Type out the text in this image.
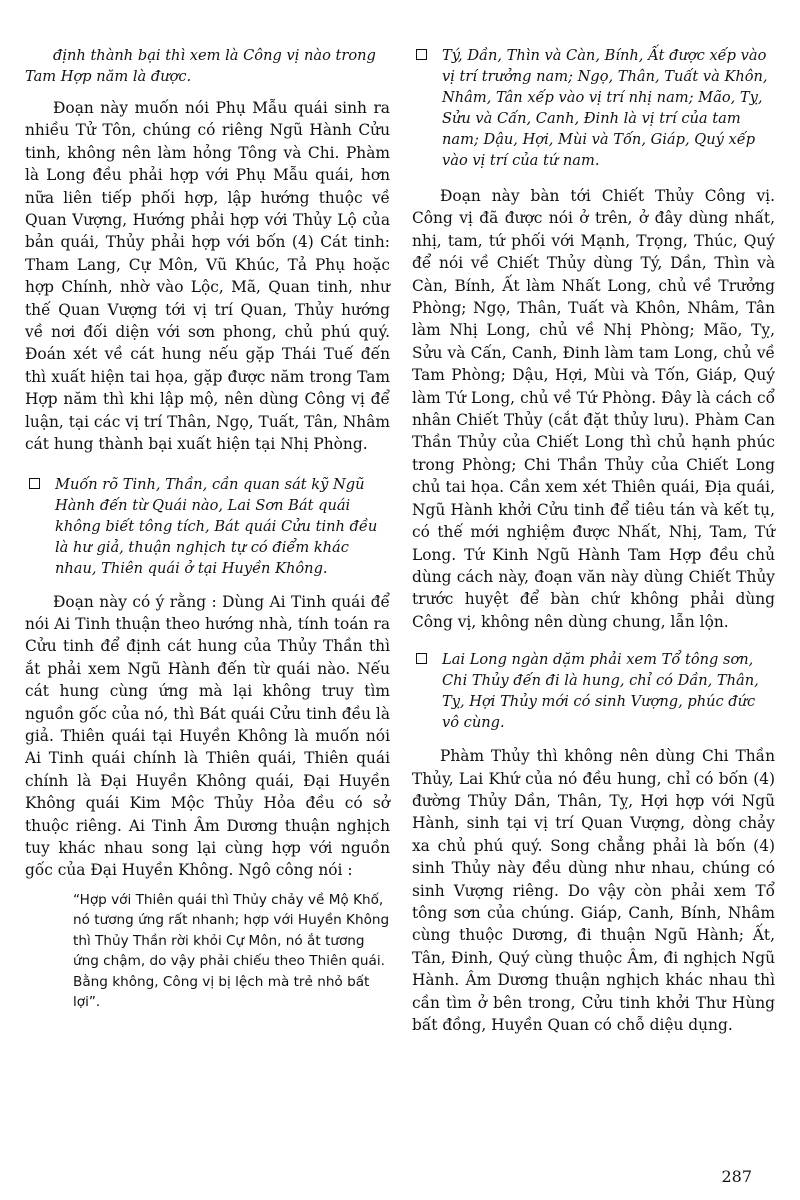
định thành bại thì xem là Công vị nào trong Tam Hợp năm là được.

Đoạn này muốn nói Phụ Mẫu quái sinh ra nhiều Tử Tôn, chúng có riêng Ngũ Hành Cửu tinh, không nên làm hỏng Tông và Chi. Phàm là Long đều phải hợp với Phụ Mẫu quái, hơn nữa liên tiếp phối hợp, lập hướng thuộc về Quan Vượng, Hướng phải hợp với Thủy Lộ của bản quái, Thủy phải hợp với bốn (4) Cát tinh: Tham Lang, Cự Môn, Vũ Khúc, Tả Phụ hoặc hợp Chính, nhờ vào Lộc, Mã, Quan tinh, như thế Quan Vượng tới vị trí Quan, Thủy hướng về nơi đối diện với sơn phong, chủ phú quý. Đoán xét về cát hung nếu gặp Thái Tuế đến thì xuất hiện tai họa, gặp được năm trong Tam Hợp năm thì khi lập mộ, nên dùng Công vị để luận, tại các vị trí Thân, Ngọ, Tuất, Tân, Nhâm cát hung thành bại xuất hiện tại Nhị Phòng.

Muốn rõ Tinh, Thần, cần quan sát kỹ Ngũ Hành đến từ Quái nào, Lai Sơn Bát quái không biết tông tích, Bát quái Cửu tinh đều là hư giả, thuận nghịch tự có điểm khác nhau, Thiên quái ở tại Huyền Không.

Đoạn này có ý rằng : Dùng Ai Tinh quái để nói Ai Tinh thuận theo hướng nhà, tính toán ra Cửu tinh để định cát hung của Thủy Thần thì ắt phải xem Ngũ Hành đến từ quái nào. Nếu cát hung cùng ứng mà lại không truy tìm nguồn gốc của nó, thì Bát quái Cửu tinh đều là giả. Thiên quái tại Huyền Không là muốn nói Ai Tinh quái chính là Thiên quái, Thiên quái chính là Đại Huyền Không quái, Đại Huyền Không quái Kim Mộc Thủy Hỏa đều có sở thuộc riêng. Ai Tinh Âm Dương thuận nghịch tuy khác nhau song lại cùng hợp với nguồn gốc của Đại Huyền Không. Ngô công nói :

“Hợp với Thiên quái thì Thủy chảy về Mộ Khố, nó tương ứng rất nhanh; hợp với Huyền Không thì Thủy Thần rời khỏi Cự Môn, nó ắt tương ứng chậm, do vậy phải chiếu theo Thiên quái. Bằng không, Công vị bị lệch mà trẻ nhỏ bất lợi”.

Tý, Dần, Thìn và Càn, Bính, Ất được xếp vào vị trí trưởng nam; Ngọ, Thân, Tuất và Khôn, Nhâm, Tân xếp vào vị trí nhị nam; Mão, Tỵ, Sửu và Cấn, Canh, Đinh là vị trí của tam nam; Dậu, Hợi, Mùi và Tốn, Giáp, Quý xếp vào vị trí của tứ nam.

Đoạn này bàn tới Chiết Thủy Công vị. Công vị đã được nói ở trên, ở đây dùng nhất, nhị, tam, tứ phối với Mạnh, Trọng, Thúc, Quý để nói về Chiết Thủy dùng Tý, Dần, Thìn và Càn, Bính, Ất làm Nhất Long, chủ về Trưởng Phòng; Ngọ, Thân, Tuất và Khôn, Nhâm, Tân làm Nhị Long, chủ về Nhị Phòng; Mão, Tỵ, Sửu và Cấn, Canh, Đinh làm tam Long, chủ về Tam Phòng; Dậu, Hợi, Mùi và Tốn, Giáp, Quý làm Tứ Long, chủ về Tứ Phòng. Đây là cách cổ nhân Chiết Thủy (cắt đặt thủy lưu). Phàm Can Thần Thủy của Chiết Long thì chủ hạnh phúc trong Phòng; Chi Thần Thủy của Chiết Long chủ tai họa. Cần xem xét Thiên quái, Địa quái, Ngũ Hành khởi Cửu tinh để tiêu tán và kết tụ, có thế mới nghiệm được Nhất, Nhị, Tam, Tứ Long. Tứ Kinh Ngũ Hành Tam Hợp đều chủ dùng cách này, đoạn văn này dùng Chiết Thủy trước huyệt để bàn chứ không phải dùng Công vị, không nên dùng chung, lẫn lộn.

Lai Long ngàn dặm phải xem Tổ tông sơn, Chi Thủy đến đi là hung, chỉ có Dần, Thân, Tỵ, Hợi Thủy mới có sinh Vượng, phúc đức vô cùng.

Phàm Thủy thì không nên dùng Chi Thần Thủy, Lai Khứ của nó đều hung, chỉ có bốn (4) đường Thủy Dần, Thân, Tỵ, Hợi hợp với Ngũ Hành, sinh tại vị trí Quan Vượng, dòng chảy xa chủ phú quý. Song chẳng phải là bốn (4) sinh Thủy này đều dùng như nhau, chúng có sinh Vượng riêng. Do vậy còn phải xem Tổ tông sơn của chúng. Giáp, Canh, Bính, Nhâm cùng thuộc Dương, đi thuận Ngũ Hành; Ất, Tân, Đinh, Quý cùng thuộc Âm, đi nghịch Ngũ Hành. Âm Dương thuận nghịch khác nhau thì cần tìm ở bên trong, Cửu tinh khởi Thư Hùng bất đồng, Huyền Quan có chỗ diệu dụng.

287
